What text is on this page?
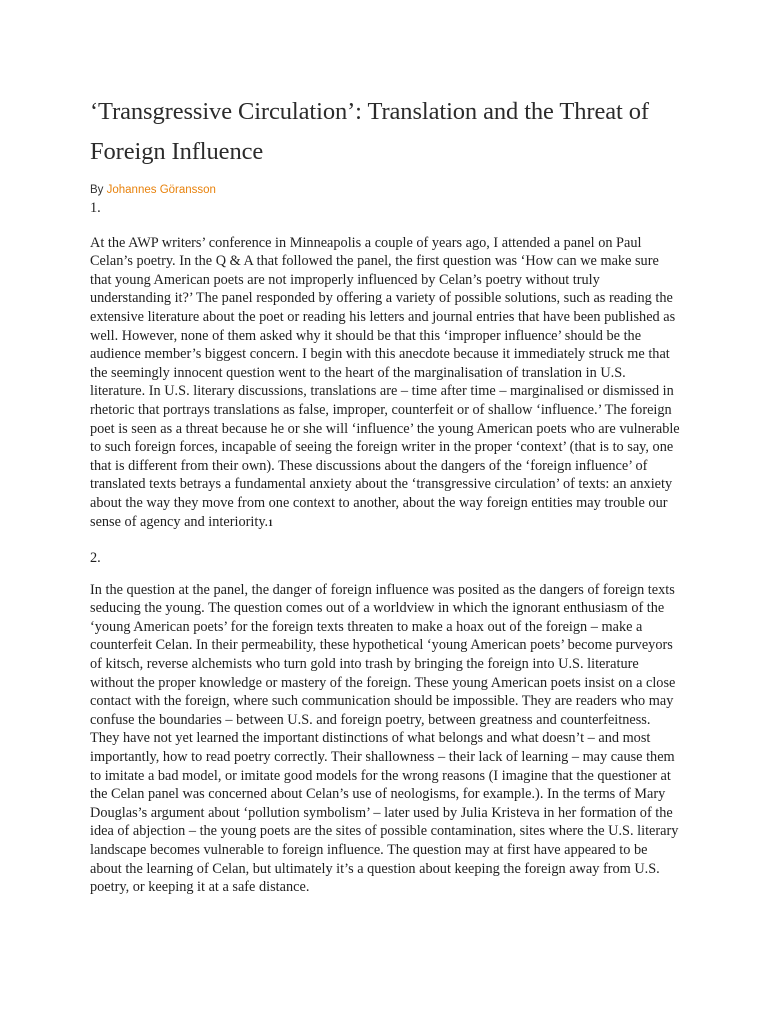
‘Transgressive Circulation’: Translation and the Threat of Foreign Influence
By Johannes Göransson
1.

At the AWP writers’ conference in Minneapolis a couple of years ago, I attended a panel on Paul Celan’s poetry. In the Q & A that followed the panel, the first question was ‘How can we make sure that young American poets are not improperly influenced by Celan’s poetry without truly understanding it?’ The panel responded by offering a variety of possible solutions, such as reading the extensive literature about the poet or reading his letters and journal entries that have been published as well. However, none of them asked why it should be that this ‘improper influence’ should be the audience member’s biggest concern. I begin with this anecdote because it immediately struck me that the seemingly innocent question went to the heart of the marginalisation of translation in U.S. literature. In U.S. literary discussions, translations are – time after time – marginalised or dismissed in rhetoric that portrays translations as false, improper, counterfeit or of shallow ‘influence.’ The foreign poet is seen as a threat because he or she will ‘influence’ the young American poets who are vulnerable to such foreign forces, incapable of seeing the foreign writer in the proper ‘context’ (that is to say, one that is different from their own). These discussions about the dangers of the ‘foreign influence’ of translated texts betrays a fundamental anxiety about the ‘transgressive circulation’ of texts: an anxiety about the way they move from one context to another, about the way foreign entities may trouble our sense of agency and interiority.1

2.

In the question at the panel, the danger of foreign influence was posited as the dangers of foreign texts seducing the young. The question comes out of a worldview in which the ignorant enthusiasm of the ‘young American poets’ for the foreign texts threaten to make a hoax out of the foreign – make a counterfeit Celan. In their permeability, these hypothetical ‘young American poets’ become purveyors of kitsch, reverse alchemists who turn gold into trash by bringing the foreign into U.S. literature without the proper knowledge or mastery of the foreign. These young American poets insist on a close contact with the foreign, where such communication should be impossible. They are readers who may confuse the boundaries – between U.S. and foreign poetry, between greatness and counterfeitness. They have not yet learned the important distinctions of what belongs and what doesn’t – and most importantly, how to read poetry correctly. Their shallowness – their lack of learning – may cause them to imitate a bad model, or imitate good models for the wrong reasons (I imagine that the questioner at the Celan panel was concerned about Celan’s use of neologisms, for example.). In the terms of Mary Douglas’s argument about ‘pollution symbolism’ – later used by Julia Kristeva in her formation of the idea of abjection – the young poets are the sites of possible contamination, sites where the U.S. literary landscape becomes vulnerable to foreign influence. The question may at first have appeared to be about the learning of Celan, but ultimately it’s a question about keeping the foreign away from U.S. poetry, or keeping it at a safe distance.
